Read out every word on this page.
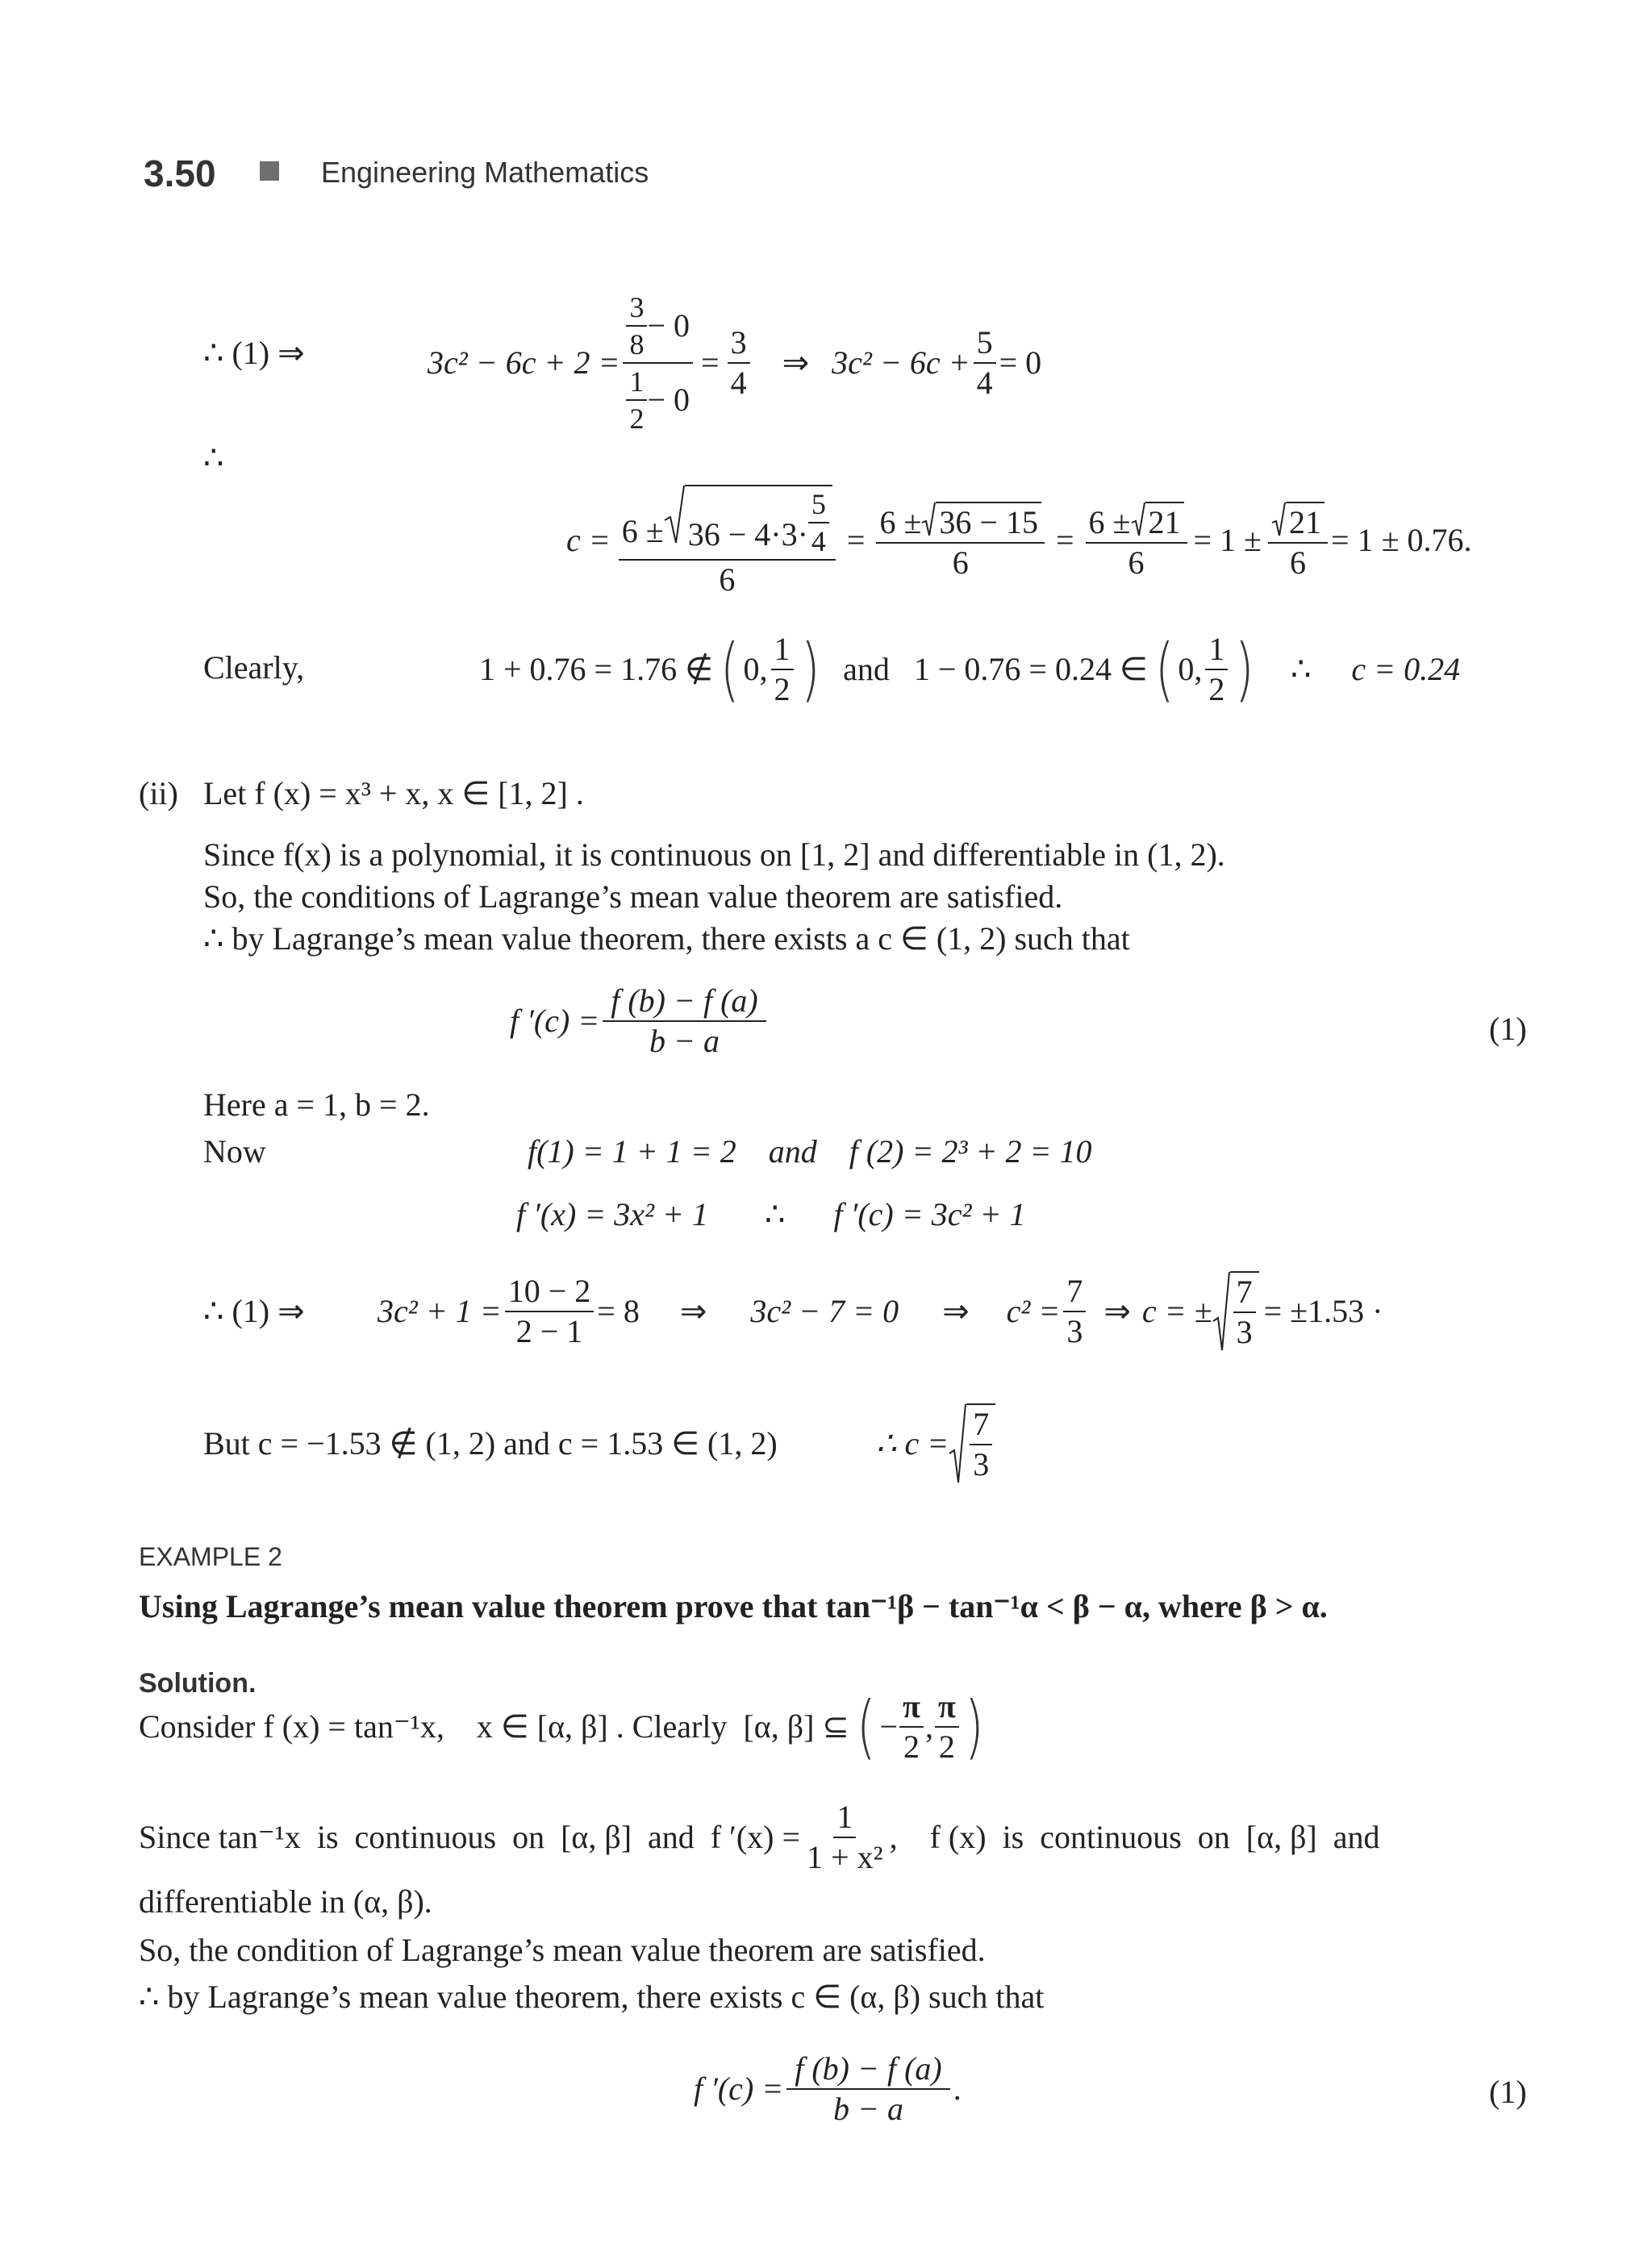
3.50	Engineering Mathematics
∴ (1) ⇒	$3c^2 - 6c + 2 = \frac{\frac{3}{8} - 0}{\frac{1}{2} - 0} = \frac{3}{4}$ ⇒ $3c^2 - 6c + \frac{5}{4} = 0$
∴
$c = 6 \pm 36 - 4\cdot 3\cdot \frac{5}{4}$
6
= $\frac{6 \pm 36 - 15}{6} = \frac{6 \pm 21}{6} = 1 \pm \frac{21}{6} = 1 \pm 0.76$.
Clearly,	1 + 0.76 = 1.76 ∉ ( 0, $\frac{1}{2}$ ) and 1 − 0.76 = 0.24 ∈ ( 0, $\frac{1}{2}$ ) ∴ c = 0.24
(ii) Let f (x) = x³ + x, x ∈ [1, 2] .
Since f(x) is a polynomial, it is continuous on [1, 2] and differentiable in (1, 2).
So, the conditions of Lagrange’s mean value theorem are satisfied.
∴ by Lagrange’s mean value theorem, there exists a c ∈ (1, 2) such that
f $'(c) = \frac{f (b) - f (a)}{b - a}$	(1)
Here a = 1, b = 2.
Now	f(1) = 1 + 1 = 2    and    f (2) = 2³ + 2 = 10
f ′(x) = 3x² + 1 ∴ f ′(c) = 3c² + 1
∴ (1) ⇒ $3c^2 + 1 = \frac{10 - 2}{2 - 1} = 8$ ⇒ 3c² − 7 = 0 ⇒ $c^2 = \frac{7}{3}$ ⇒ c = ± $\frac{7}{3} = \pm 1.53$ ·
But c = −1.53 ∉ (1, 2) and c = 1.53 ∈ (1, 2)	∴ $c = \frac{7}{3}$
EXAMPLE 2
Using Lagrange’s mean value theorem prove that tan⁻¹β − tan⁻¹α < β − α, where β > α.
Solution.
Consider f (x) = tan⁻¹x,    x ∈ [α, β] . Clearly  [α, β] ⊆ ( − $\frac{\pi}{2}$ , $\frac{\pi}{2}$ )
Since tan⁻¹x  is  continuous  on  [α, β]  and  f $'(x) = \frac{1}{\text{1 + x²}}$ ,    f (x)  is  continuous  on  [α, β]  and
differentiable in (α, β).
So, the condition of Lagrange’s mean value theorem are satisfied.
∴ by Lagrange’s mean value theorem, there exists c ∈ (α, β) such that
f $'(c) = \frac{f (b) - f (a)}{b - a}$ .	(1)
